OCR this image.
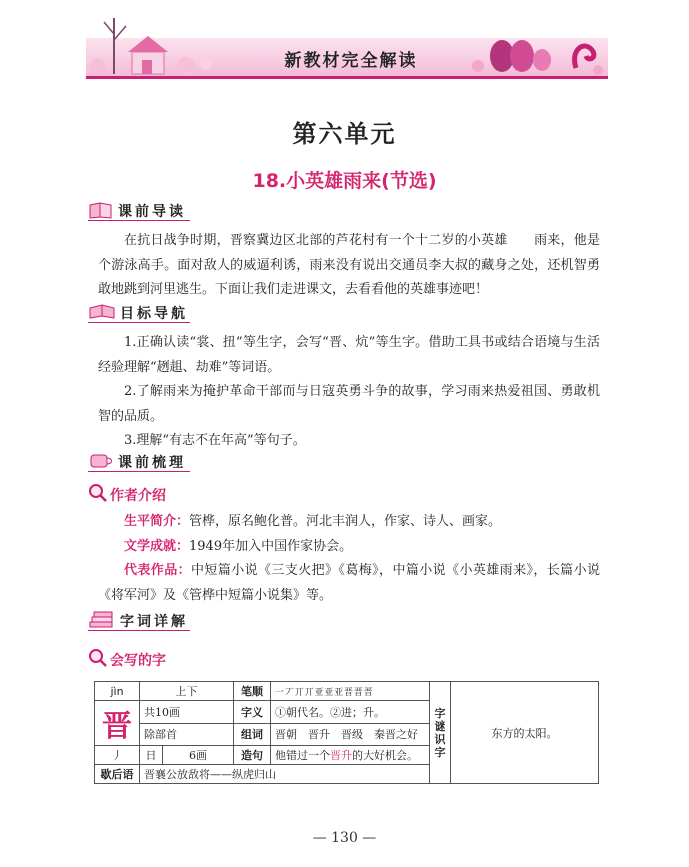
新教材完全解读
第六单元
18.小英雄雨来(节选)
课前导读
在抗日战争时期，晋察冀边区北部的芦花村有一个十二岁的小英雄　　雨来，他是个游泳高手。面对敌人的威逼利诱，雨来没有说出交通员李大叔的藏身之处，还机智勇敢地跳到河里逃生。下面让我们走进课文，去看看他的英雄事迹吧！
目标导航
1.正确认读“裳、扭”等生字，会写“晋、炕”等生字。借助工具书或结合语境与生活经验理解“趔趄、劫难”等词语。
2.了解雨来为掩护革命干部而与日寇英勇斗争的故事，学习雨来热爱祖国、勇敢机智的品质。
3.理解“有志不在年高”等句子。
课前梳理
作者介绍
生平简介：管桦，原名鲍化普。河北丰润人，作家、诗人、画家。
文学成就：1949年加入中国作家协会。
代表作品：中短篇小说《三支火把》《葛梅》，中篇小说《小英雄雨来》，长篇小说《将军河》及《管桦中短篇小说集》等。
字词详解
会写的字
jìn	上下		笔顺	一 丆 丌 丌 亚 亚 亚 晋 晋 晋	字谜识字	东方的太阳。
晋	共10画		字义	①朝代名。②进；升。		
	除部首		组词	晋朝　晋升　晋级　秦晋之好		
丿	日	6画	造句	他错过一个晋升的大好机会。		
歇后语	晋襄公放敌将——纵虎归山					
— 130 —
